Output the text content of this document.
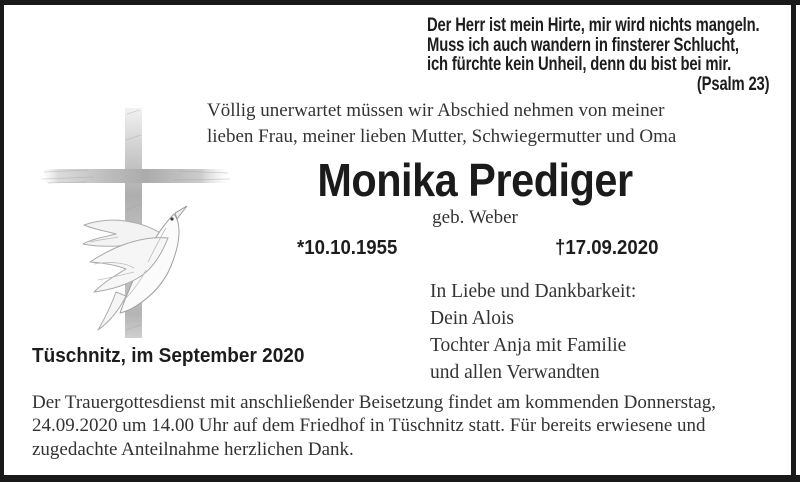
Der Herr ist mein Hirte, mir wird nichts mangeln.
Muss ich auch wandern in finsterer Schlucht,
ich fürchte kein Unheil, denn du bist bei mir.
(Psalm 23)
Völlig unerwartet müssen wir Abschied nehmen von meiner
lieben Frau, meiner lieben Mutter, Schwiegermutter und Oma
Monika Prediger
geb. Weber
*10.10.1955	†17.09.2020
In Liebe und Dankbarkeit:
Dein Alois
Tochter Anja mit Familie
und allen Verwandten
Tüschnitz, im September 2020
Der Trauergottesdienst mit anschließender Beisetzung findet am kommenden Donnerstag,
24.09.2020 um 14.00 Uhr auf dem Friedhof in Tüschnitz statt. Für bereits erwiesene und
zugedachte Anteilnahme herzlichen Dank.
